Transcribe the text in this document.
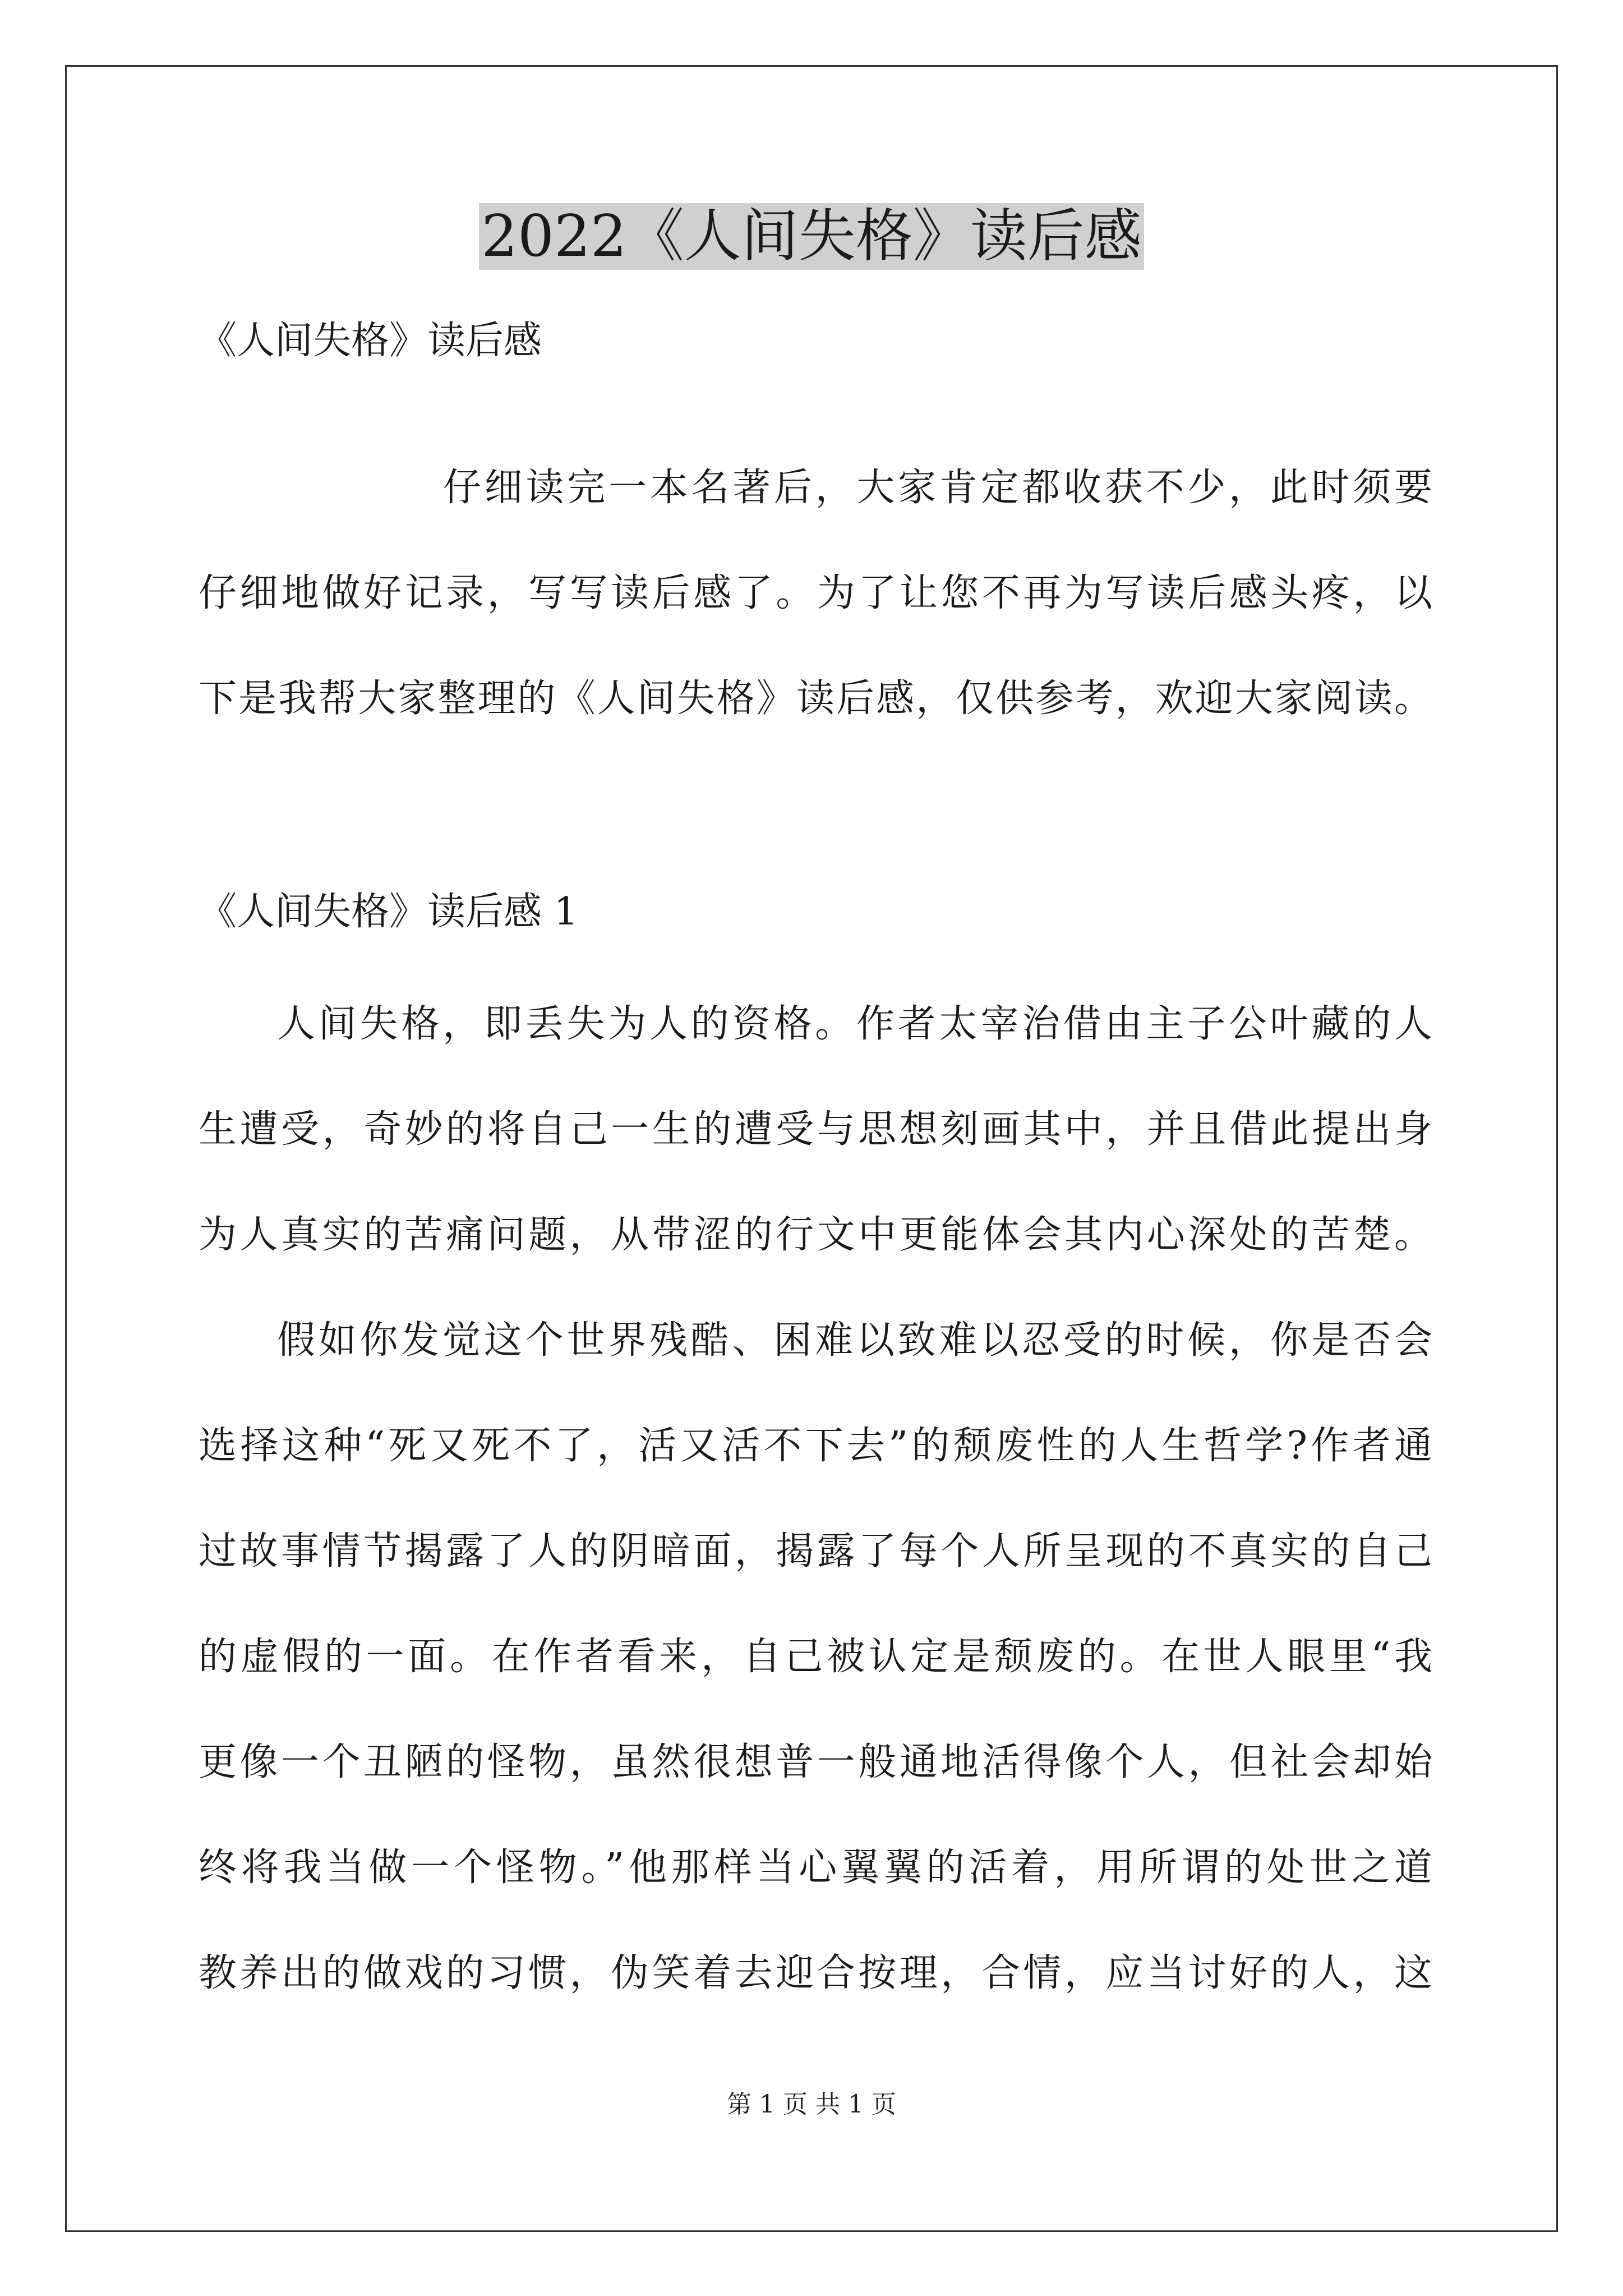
2022《人间失格》读后感
《人间失格》读后感
仔细读完一本名著后，大家肯定都收获不少，此时须要
仔细地做好记录，写写读后感了。为了让您不再为写读后感头疼，以
下是我帮大家整理的《人间失格》读后感，仅供参考，欢迎大家阅读。
《人间失格》读后感 1
人间失格，即丢失为人的资格。作者太宰治借由主子公叶藏的人
生遭受，奇妙的将自己一生的遭受与思想刻画其中，并且借此提出身
为人真实的苦痛问题，从带涩的行文中更能体会其内心深处的苦楚。
假如你发觉这个世界残酷、困难以致难以忍受的时候，你是否会
选择这种“死又死不了，活又活不下去”的颓废性的人生哲学?作者通
过故事情节揭露了人的阴暗面，揭露了每个人所呈现的不真实的自己
的虚假的一面。在作者看来，自己被认定是颓废的。在世人眼里“我
更像一个丑陋的怪物，虽然很想普一般通地活得像个人，但社会却始
终将我当做一个怪物。”他那样当心翼翼的活着，用所谓的处世之道
教养出的做戏的习惯，伪笑着去迎合按理，合情，应当讨好的人，这
第 1 页 共 1 页
